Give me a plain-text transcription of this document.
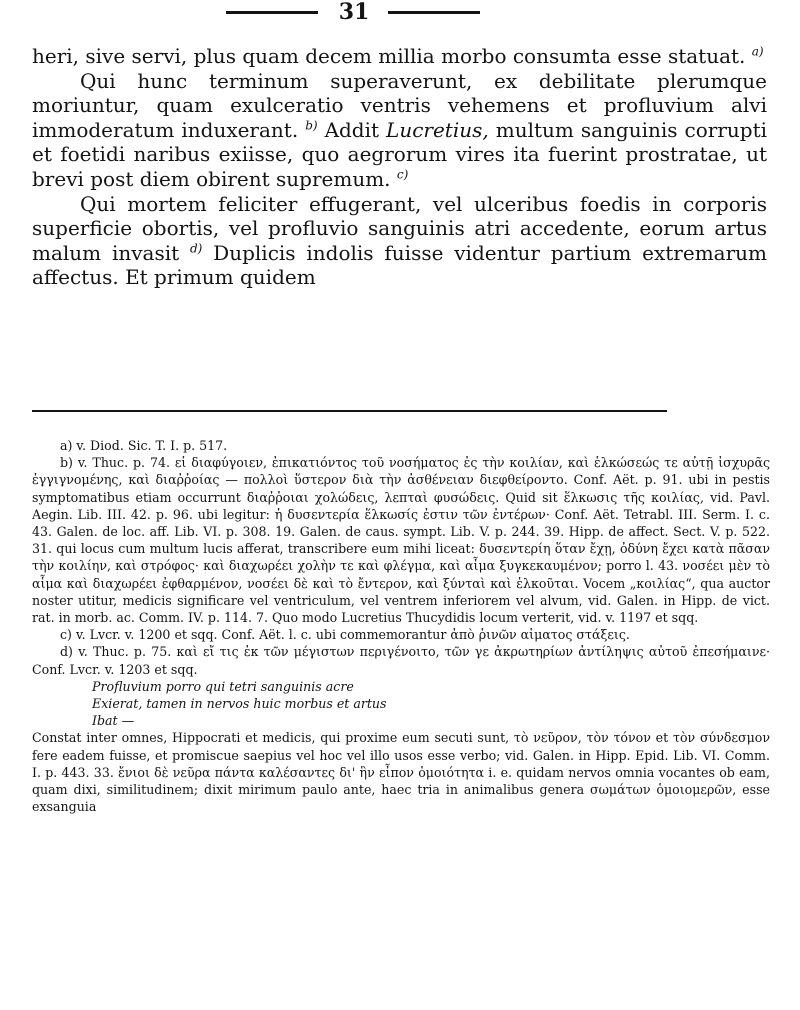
31

heri, sive servi, plus quam decem millia morbo consumta esse statuat. $^{a)}$

Qui hunc terminum superaverunt, ex debilitate plerumque moriuntur, quam exulceratio ventris vehemens et profluvium alvi immoderatum induxerant. $^{b)}$ Addit Lucretius, multum sanguinis corrupti et foetidi naribus exiisse, quo aegrorum vires ita fuerint prostratae, ut brevi post diem obirent supremum. $^{c)}$

Qui mortem feliciter effugerant, vel ulceribus foedis in corporis superficie obortis, vel profluvio sanguinis atri accedente, eorum artus malum invasit $^{d)}$ Duplicis indolis fuisse videntur partium extremarum affectus. Et primum quidem

a) v. Diod. Sic. T. I. p. 517.

b) v. Thuc. p. 74. εἰ διαφύγοιεν, ἐπικατιόντος τοῦ νοσήματος ἐς τὴν κοιλίαν, καὶ ἑλκώσεώς τε αὐτῇ ἰσχυρᾶς ἐγγιγνομένης, καὶ διαῤῥοίας — πολλοὶ ὕστερον διὰ τὴν ἀσθένειαν διεφθείροντο. Conf. Aët. p. 91. ubi in pestis symptomatibus etiam occurrunt διαῤῥοιαι χολώδεις, λεπταὶ φυσώδεις. Quid sit ἕλκωσις τῆς κοιλίας, vid. Pavl. Aegin. Lib. III. 42. p. 96. ubi legitur: ἡ δυσεντερία ἕλκωσίς ἐστιν τῶν ἐντέρων· Conf. Aët. Tetrabl. III. Serm. I. c. 43. Galen. de loc. aff. Lib. VI. p. 308. 19. Galen. de caus. sympt. Lib. V. p. 244. 39. Hipp. de affect. Sect. V. p. 522. 31. qui locus cum multum lucis afferat, transcribere eum mihi liceat: δυσεντερίη ὅταν ἔχῃ, ὀδύνη ἔχει κατὰ πᾶσαν τὴν κοιλίην, καὶ στρόφος· καὶ διαχωρέει χολὴν τε καὶ φλέγμα, καὶ αἷμα ξυγκεκαυμένον; porro l. 43. νοσέει μὲν τὸ αἷμα καὶ διαχωρέει ἐφθαρμένον, νοσέει δὲ καὶ τὸ ἔντερον, καὶ ξύνταὶ καὶ ἑλκοῦται. Vocem „κοιλίας“, qua auctor noster utitur, medicis significare vel ventriculum, vel ventrem inferiorem vel alvum, vid. Galen. in Hipp. de vict. rat. in morb. ac. Comm. IV. p. 114. 7. Quo modo Lucretius Thucydidis locum verterit, vid. v. 1197 et sqq.

c) v. Lvcr. v. 1200 et sqq. Conf. Aët. l. c. ubi commemorantur ἀπὸ ῥινῶν αἱματος στάξεις.

d) v. Thuc. p. 75. καὶ εἴ τις ἐκ τῶν μέγιστων περιγένοιτο, τῶν γε ἀκρωτηρίων ἀντίληψις αὐτοῦ ἐπεσήμαινε· Conf. Lvcr. v. 1203 et sqq.

Profluvium porro qui tetri sanguinis acre

Exierat, tamen in nervos huic morbus et artus

Ibat —

Constat inter omnes, Hippocrati et medicis, qui proxime eum secuti sunt, τὸ νεῦρον, τὸν τόνον et τὸν σύνδεσμον fere eadem fuisse, et promiscue saepius vel hoc vel illo usos esse verbo; vid. Galen. in Hipp. Epid. Lib. VI. Comm. I. p. 443. 33. ἔνιοι δὲ νεῦρα πάντα καλέσαντες δι' ἣν εἶπον ὁμοιότητα i. e. quidam nervos omnia vocantes ob eam, quam dixi, similitudinem; dixit mirimum paulo ante, haec tria in animalibus genera σωμάτων ὁμοιομερῶν, esse exsanguia
